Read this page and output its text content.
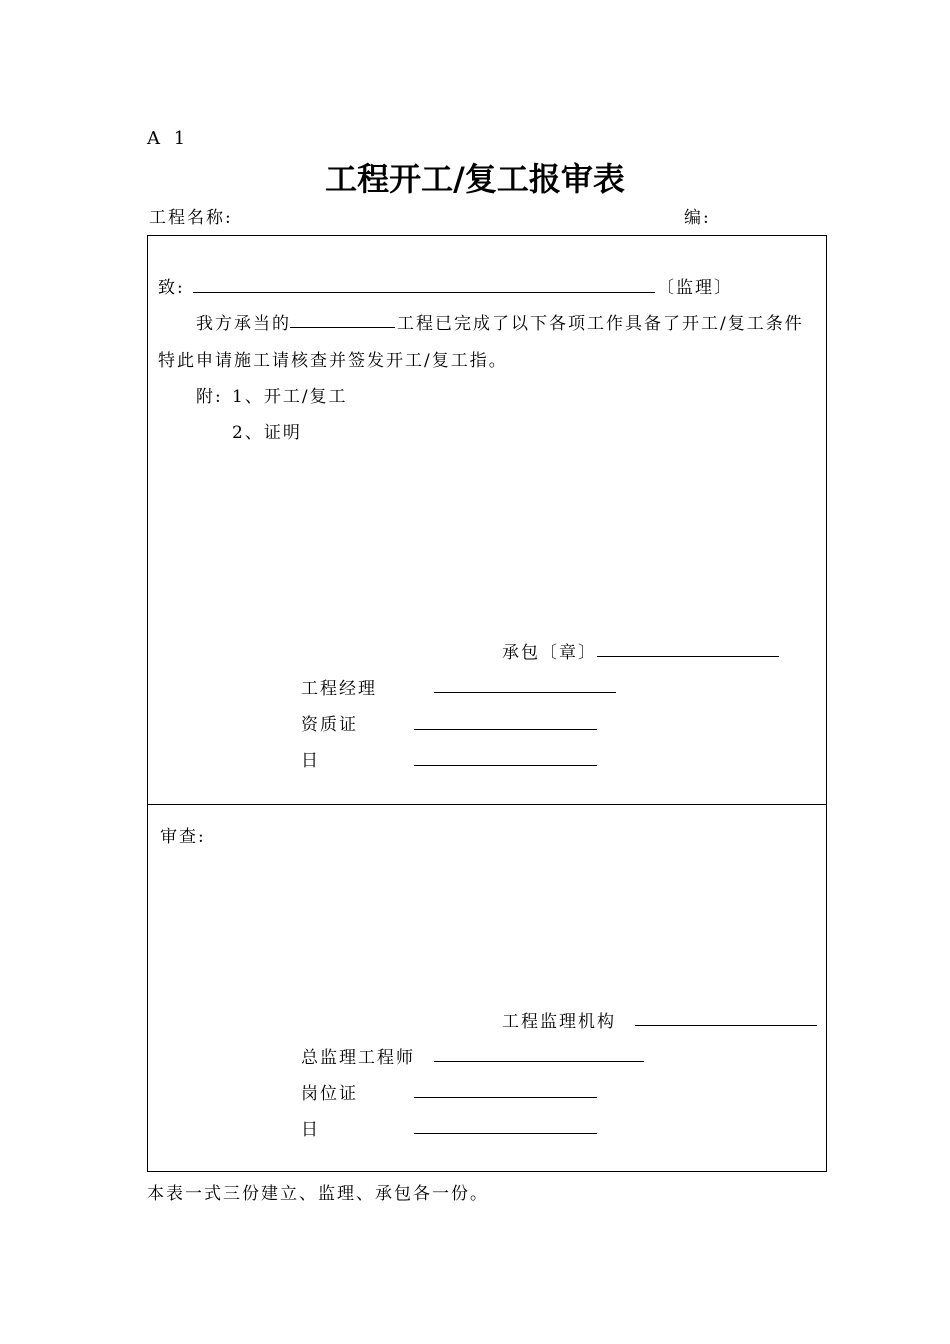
A 1
工程开工/复工报审表
工程名称:	编:
致:	〔监理〕
我方承当的	工程已完成了以下各项工作具备了开工/复工条件
特此申请施工请核查并签发开工/复工指。
附: 1、开工/复工
2、证明
承包〔章〕
工程经理
资质证
日
审查:
工程监理机构
总监理工程师
岗位证
日
本表一式三份建立、监理、承包各一份。
